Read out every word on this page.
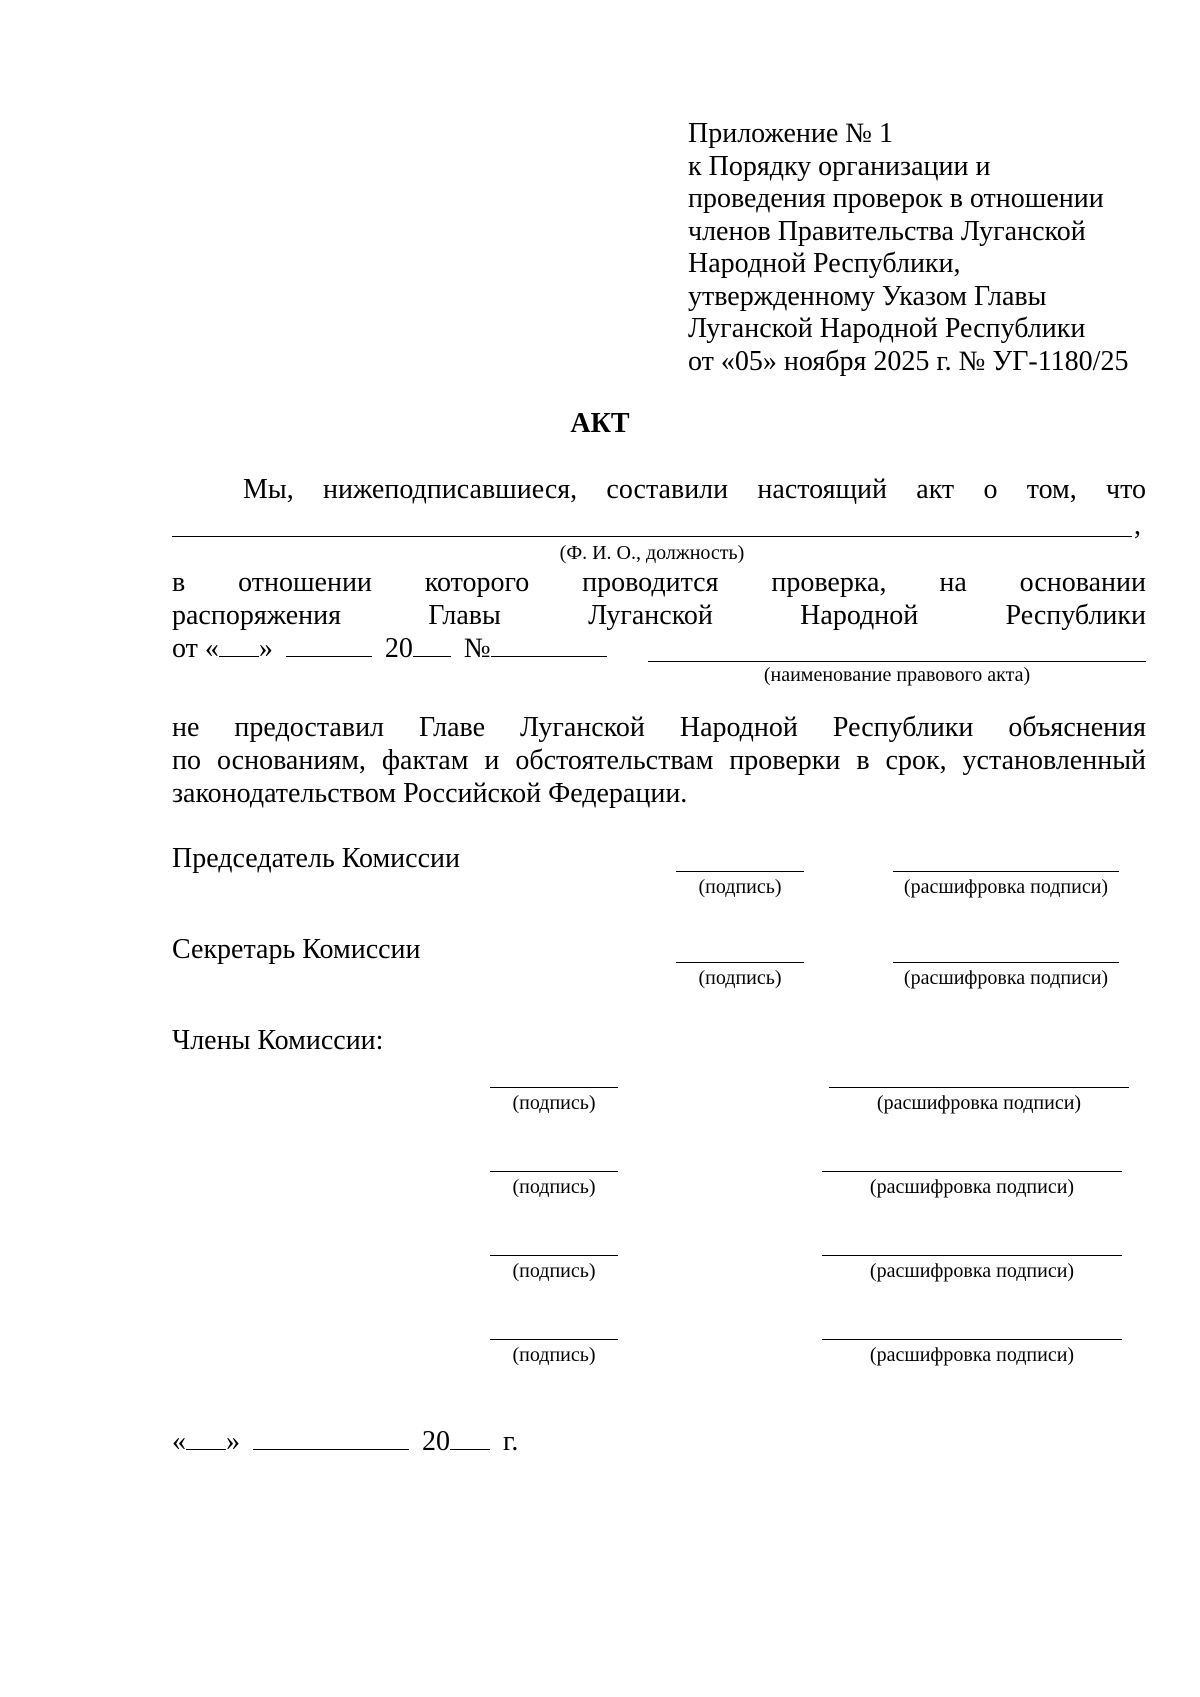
Приложение № 1
к Порядку организации и
проведения проверок в отношении
членов Правительства Луганской
Народной Республики,
утвержденному Указом Главы
Луганской Народной Республики
от «05» ноября 2025 г. № УГ-1180/25
АКТ
Мы, нижеподписавшиеся, составили настоящий акт о том, что
,
(Ф. И. О., должность)
в отношении которого проводится проверка, на основании
распоряжения Главы Луганской Народной Республики
от « »	20 №
(наименование правового акта)
не предоставил Главе Луганской Народной Республики объяснения
по основаниям, фактам и обстоятельствам проверки в срок, установленный
законодательством Российской Федерации.
Председатель Комиссии
(подпись)	(расшифровка подписи)
Секретарь Комиссии
(подпись)	(расшифровка подписи)
Члены Комиссии:
(подпись)	(расшифровка подписи)
(подпись)	(расшифровка подписи)
(подпись)	(расшифровка подписи)
(подпись)	(расшифровка подписи)
« »	20 г.
